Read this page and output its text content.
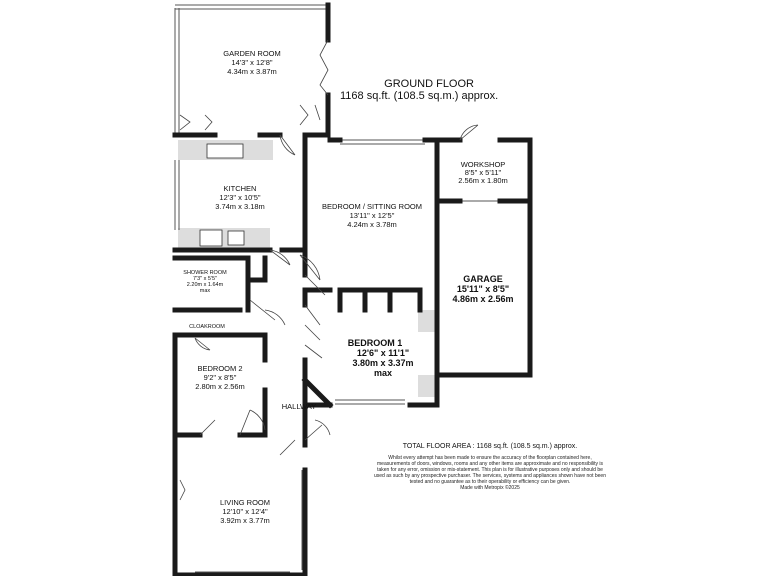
GARDEN ROOM
14'3" x 12'8"
4.34m x 3.87m
KITCHEN
12'3" x 10'5"
3.74m x 3.18m
SHOWER ROOM
7'3" x 5'5"
2.20m x 1.64m
max
CLOAKROOM
BEDROOM 2
9'2" x 8'5"
2.80m x 2.56m
HALLWAY
LIVING ROOM
12'10" x 12'4"
3.92m x 3.77m
BEDROOM / SITTING ROOM
13'11" x 12'5"
4.24m x 3.78m
BEDROOM 1
12'6" x 11'1"
3.80m x 3.37m
max
WORKSHOP
8'5" x 5'11"
2.56m x 1.80m
GARAGE
15'11" x 8'5"
4.86m x 2.56m
GROUND FLOOR
1168 sq.ft. (108.5 sq.m.) approx.
TOTAL FLOOR AREA : 1168 sq.ft. (108.5 sq.m.) approx.
Whilst every attempt has been made to ensure the accuracy of the floorplan contained here, measurements of doors, windows, rooms and any other items are approximate and no responsibility is taken for any error, omission or mis-statement. This plan is for illustrative purposes only and should be used as such by any prospective purchaser. The services, systems and appliances shown have not been tested and no guarantee as to their operability or efficiency can be given.
Made with Metropix ©2025
